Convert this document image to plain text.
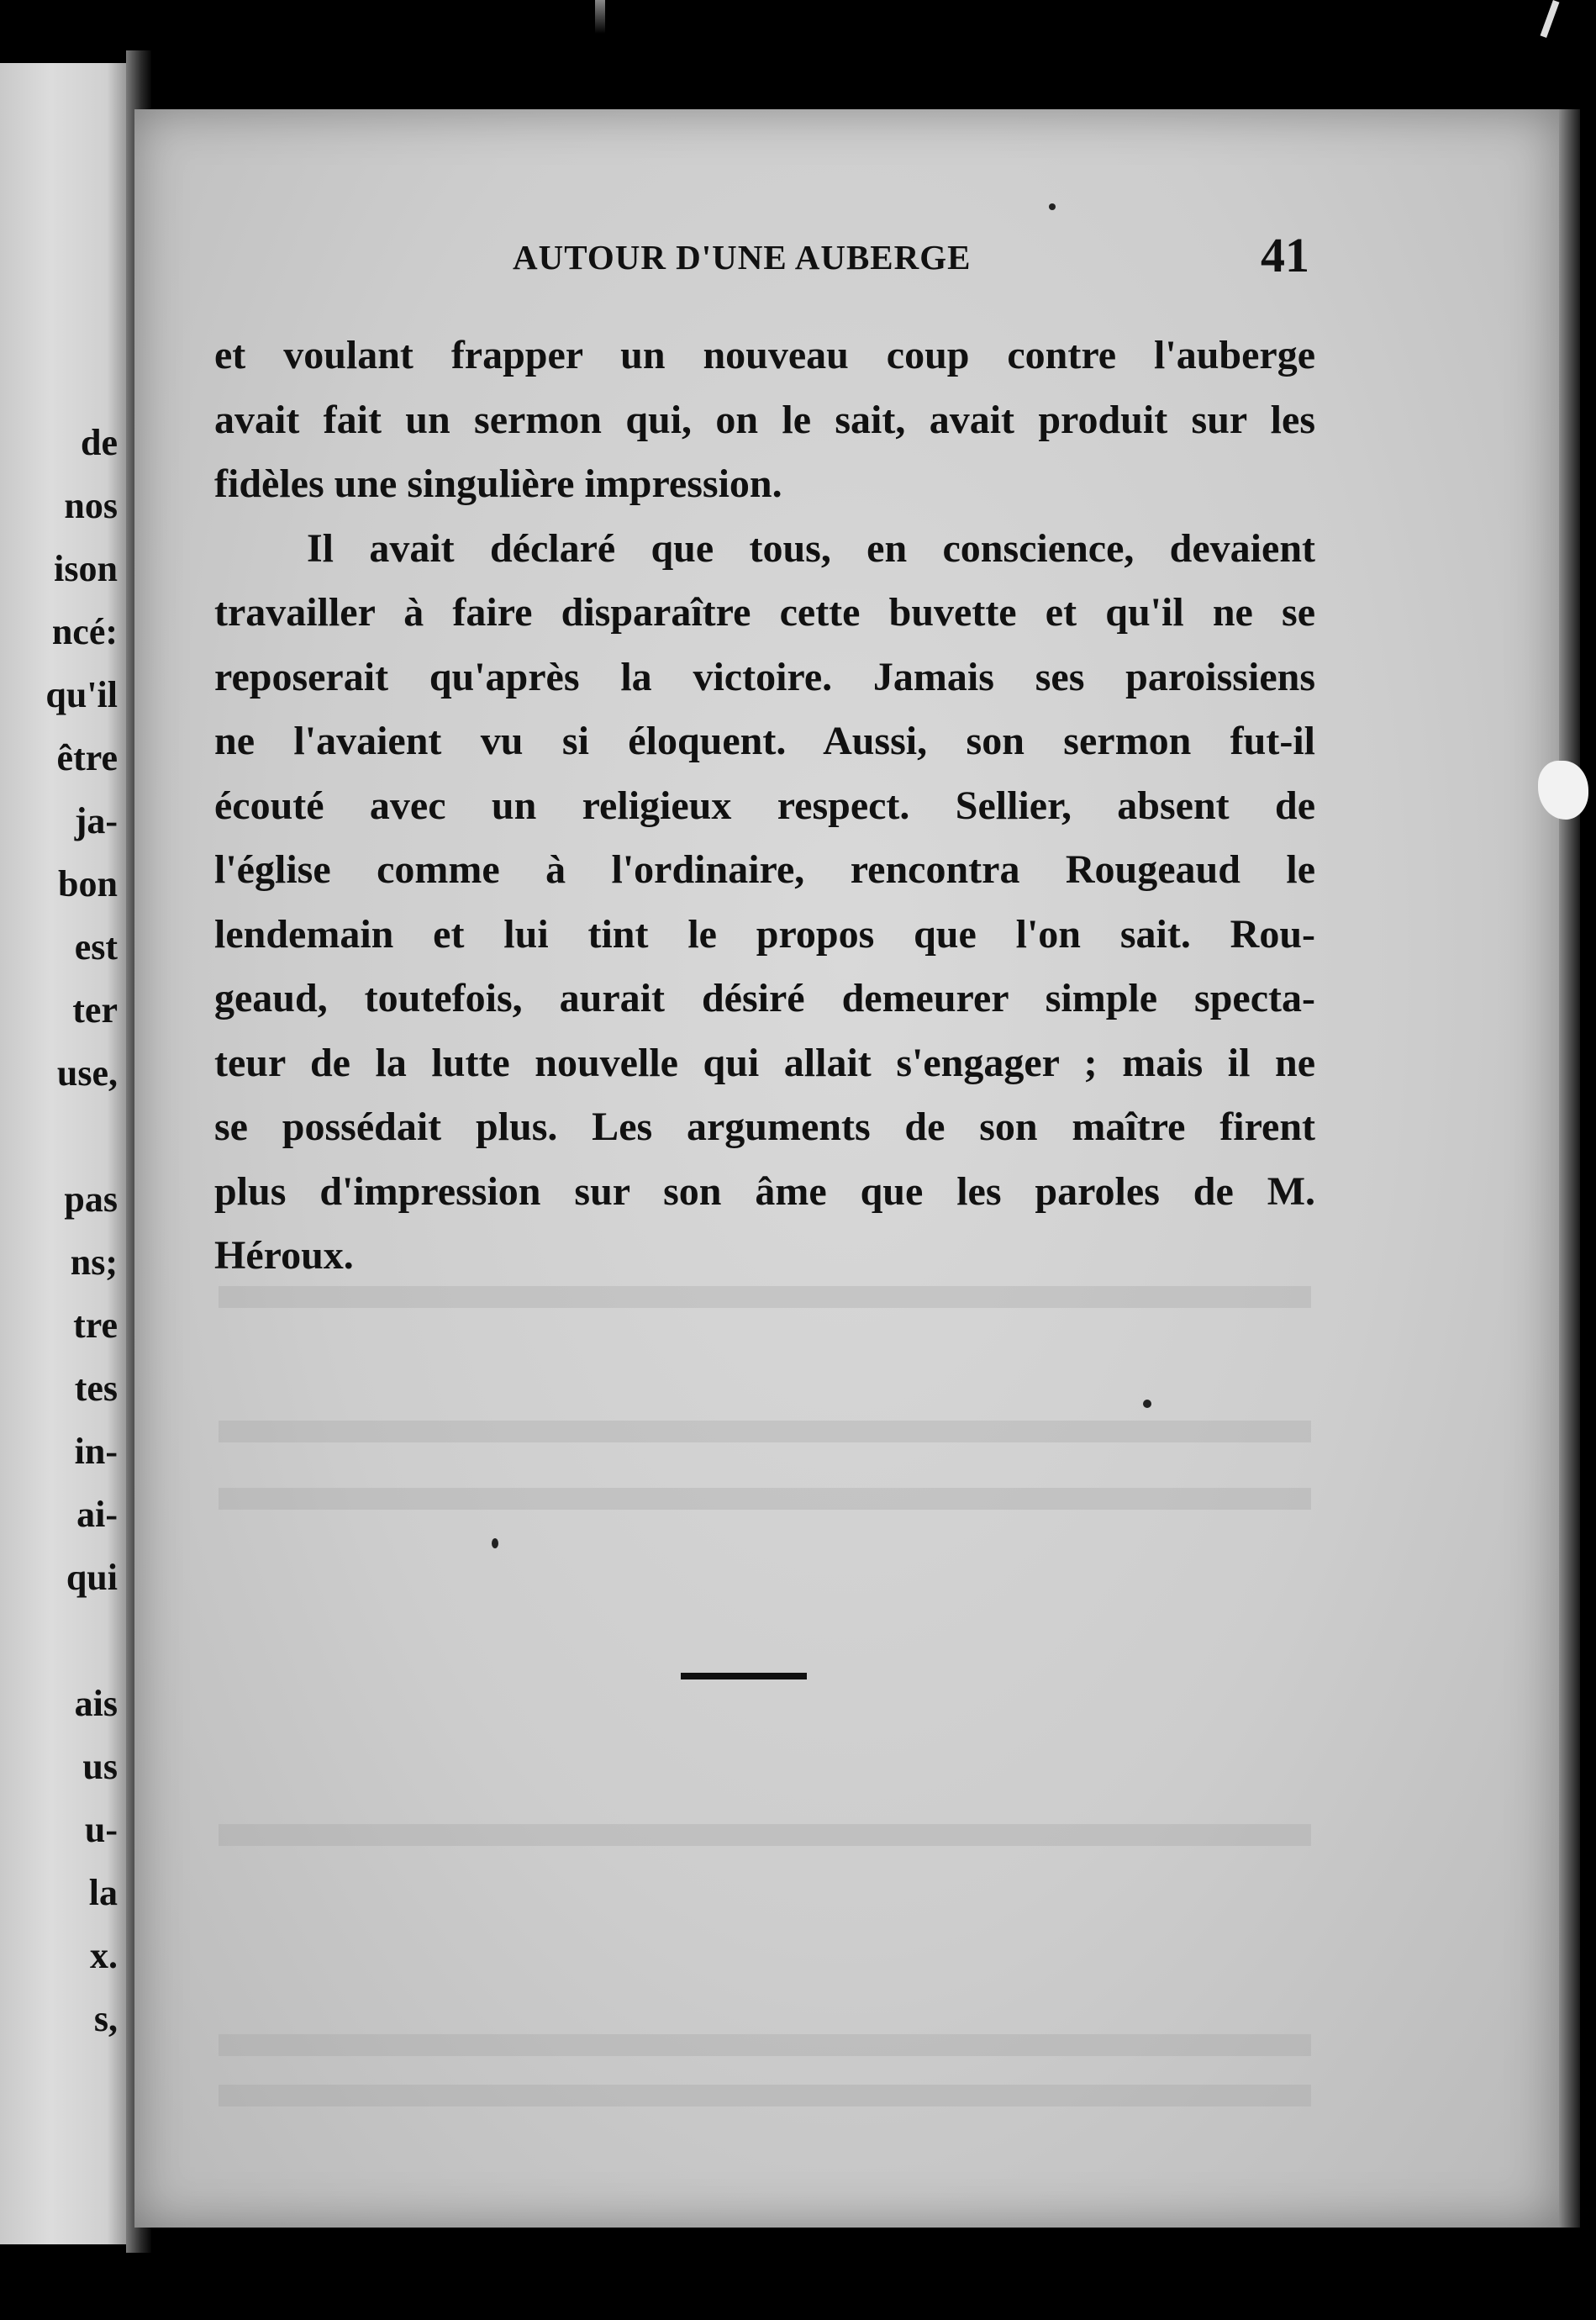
de
nos
ison
ncé:
qu'il
être
ja-
bon
est
ter
use,
pas
ns;
tre
tes
in-
ai-
qui
ais
us
u-
la
x.
s,
AUTOUR D'UNE AUBERGE	41

et voulant frapper un nouveau coup contre l'auberge
avait fait un sermon qui, on le sait, avait produit sur les
fidèles une singulière impression.

Il avait déclaré que tous, en conscience, devaient
travailler à faire disparaître cette buvette et qu'il ne se
reposerait qu'après la victoire. Jamais ses paroissiens
ne l'avaient vu si éloquent. Aussi, son sermon fut-il
écouté avec un religieux respect. Sellier, absent de
l'église comme à l'ordinaire, rencontra Rougeaud le
lendemain et lui tint le propos que l'on sait. Rou-
geaud, toutefois, aurait désiré demeurer simple specta-
teur de la lutte nouvelle qui allait s'engager ; mais il ne
se possédait plus. Les arguments de son maître firent
plus d'impression sur son âme que les paroles de M.
Héroux.
